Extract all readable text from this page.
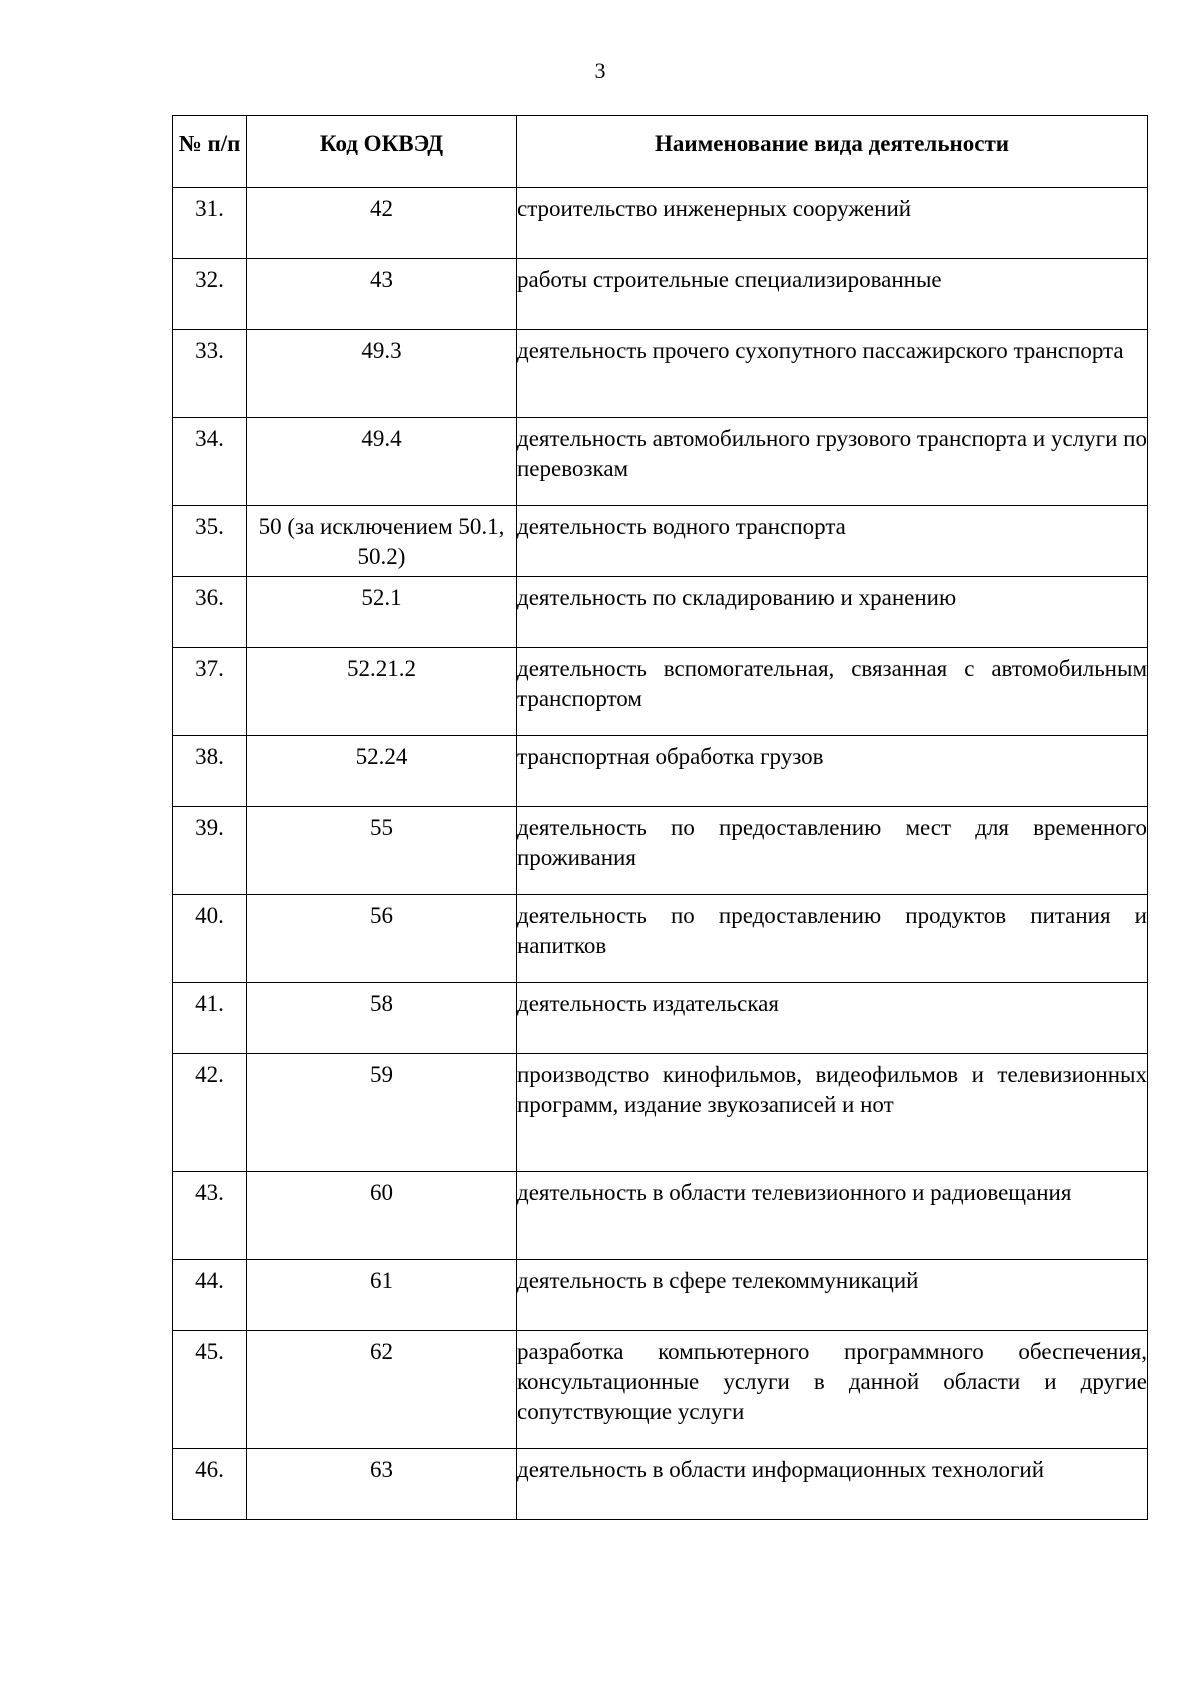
3
№ п/п	Код ОКВЭД	Наименование вида деятельности
31.	42	строительство инженерных сооружений
32.	43	работы строительные специализированные
33.	49.3	деятельность прочего сухопутного пассажирского транспорта
34.	49.4	деятельность автомобильного грузового транспорта и услуги по перевозкам
35.	50 (за исключением 50.1, 50.2)	деятельность водного транспорта
36.	52.1	деятельность по складированию и хранению
37.	52.21.2	деятельность вспомогательная, связанная с автомобильным транспортом
38.	52.24	транспортная обработка грузов
39.	55	деятельность по предоставлению мест для временного проживания
40.	56	деятельность по предоставлению продуктов питания и напитков
41.	58	деятельность издательская
42.	59	производство кинофильмов, видеофильмов и телевизионных программ, издание звукозаписей и нот
43.	60	деятельность в области телевизионного и радиовещания
44.	61	деятельность в сфере телекоммуникаций
45.	62	разработка компьютерного программного обеспечения, консультационные услуги в данной области и другие сопутствующие услуги
46.	63	деятельность в области информационных технологий
